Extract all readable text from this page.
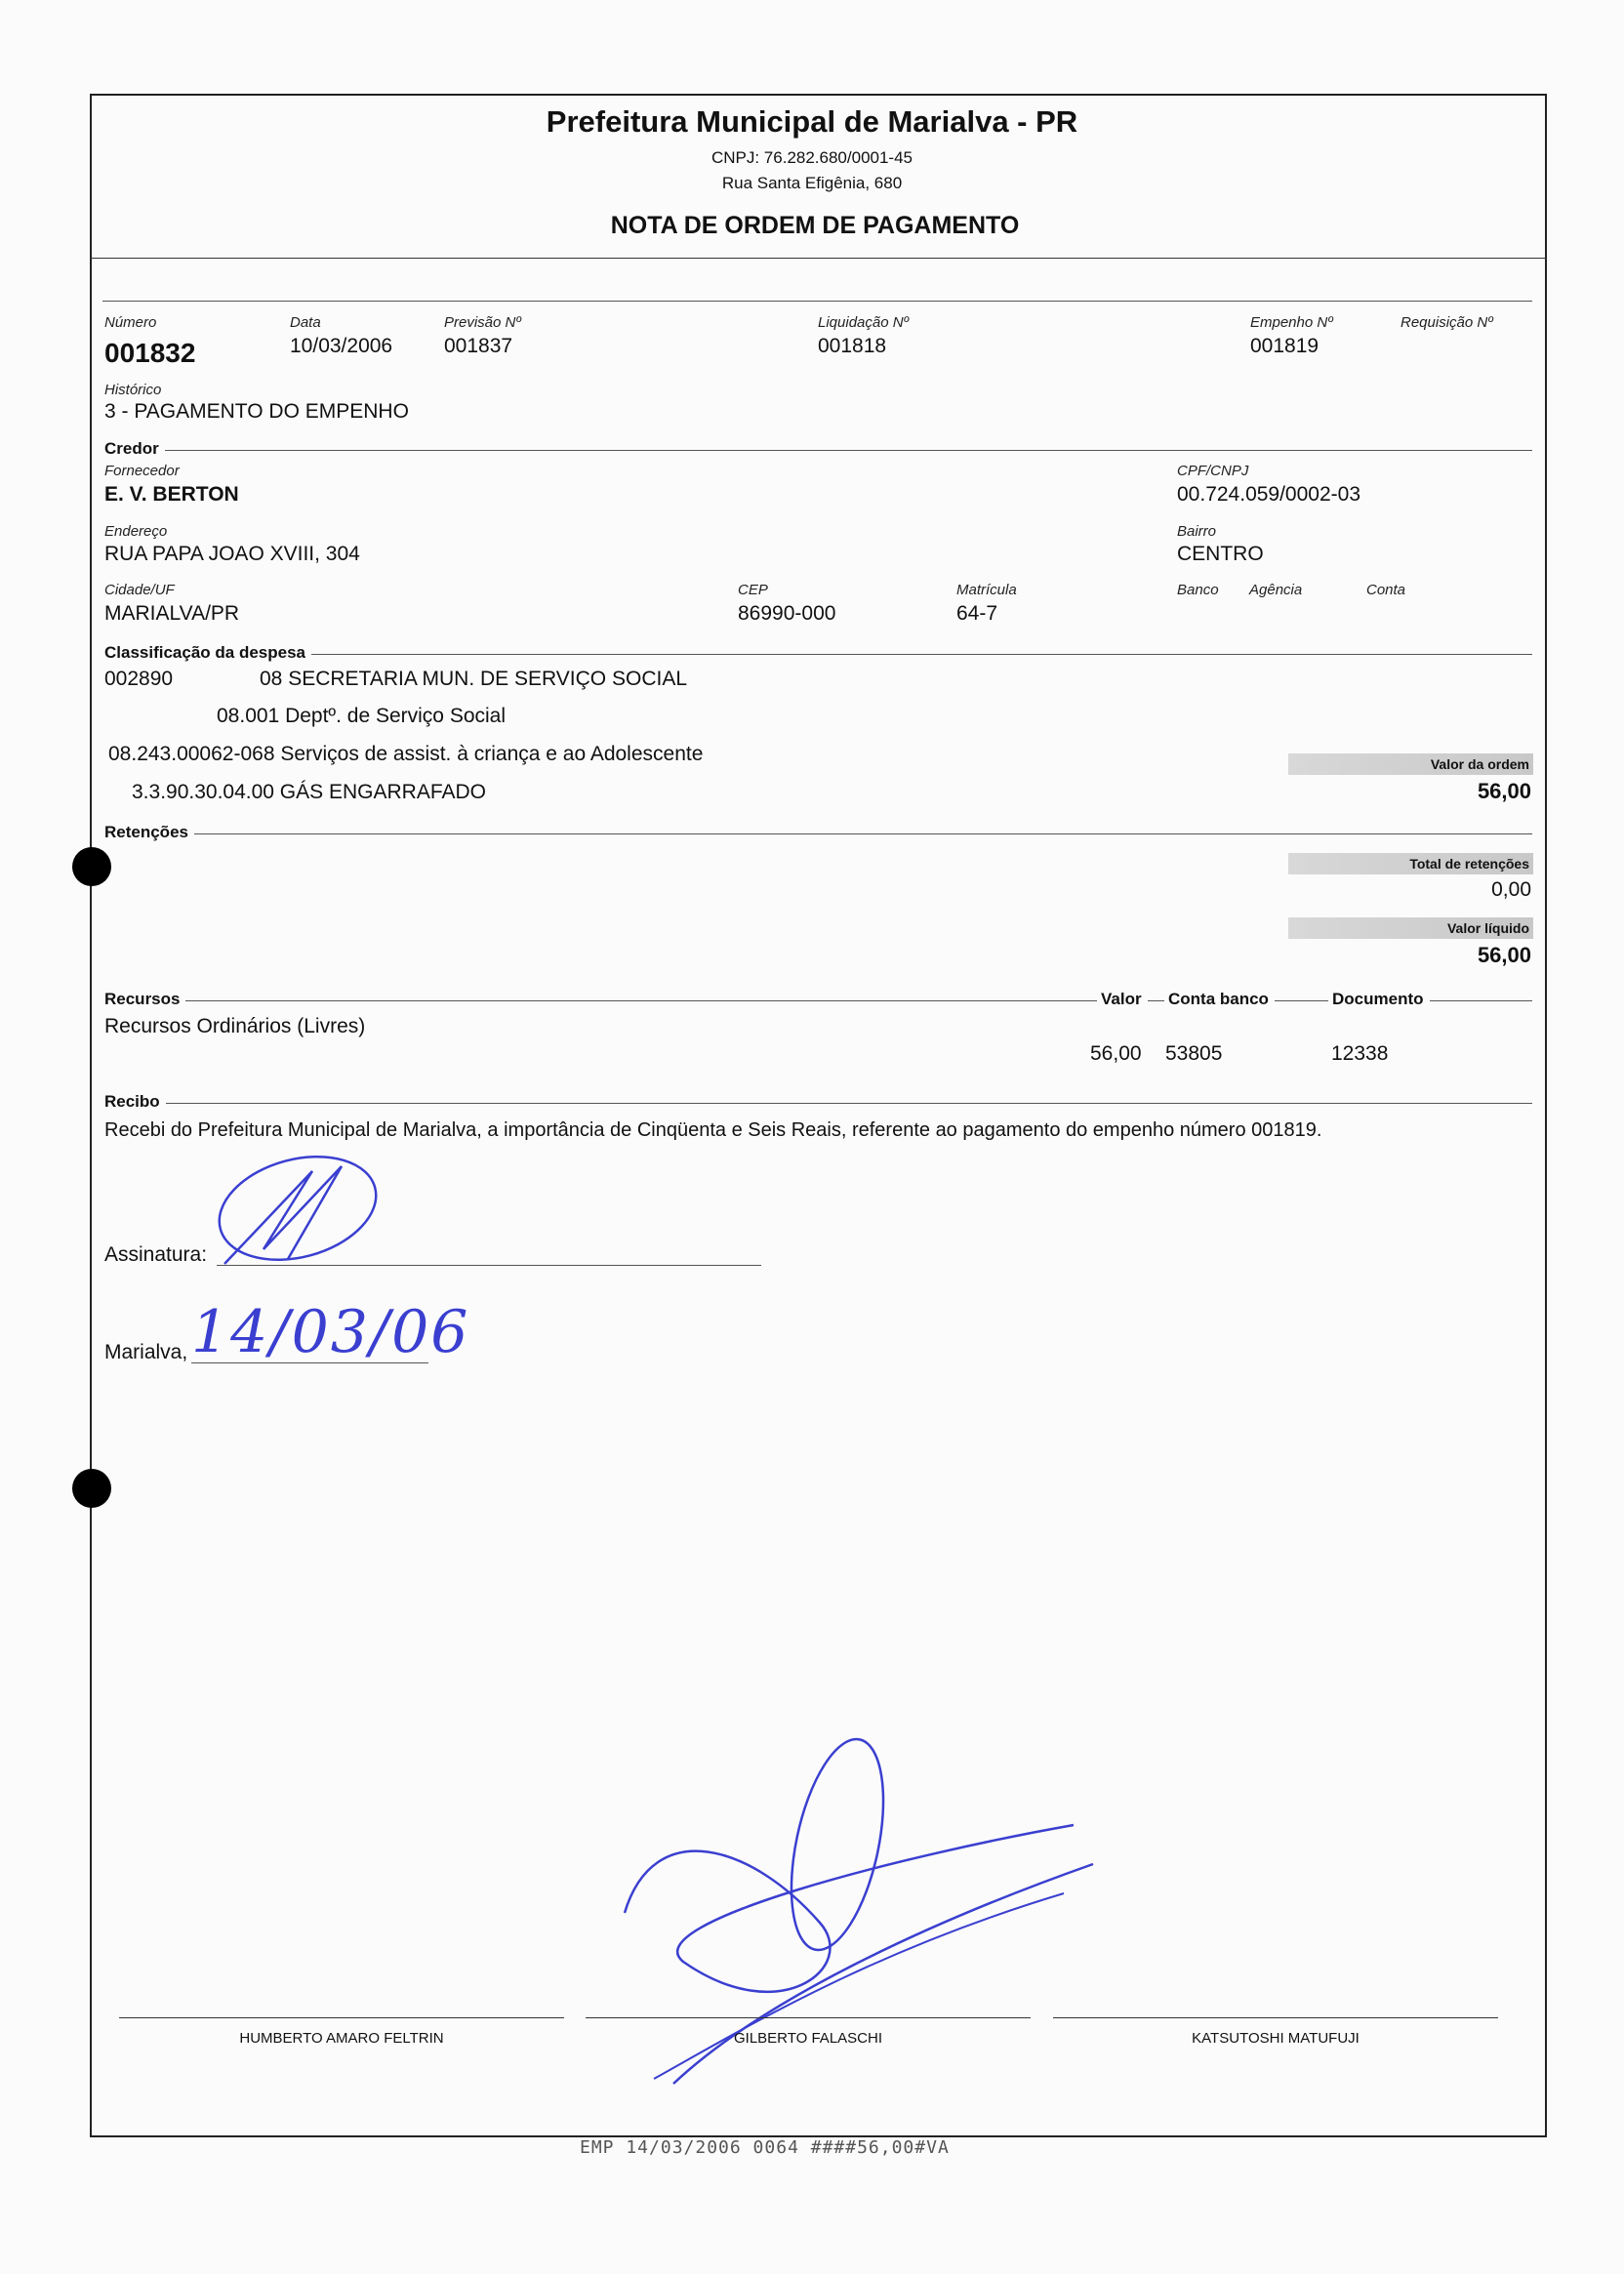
Prefeitura Municipal de Marialva - PR
CNPJ: 76.282.680/0001-45
Rua Santa Efigênia, 680
NOTA DE ORDEM DE PAGAMENTO
Número
001832
Data
10/03/2006
Previsão Nº
001837
Liquidação Nº
001818
Empenho Nº
001819
Requisição Nº
Histórico
3 - PAGAMENTO DO EMPENHO
Credor
Fornecedor
E. V. BERTON
CPF/CNPJ
00.724.059/0002-03
Endereço
RUA PAPA JOAO XVIII, 304
Bairro
CENTRO
Cidade/UF
MARIALVA/PR
CEP
86990-000
Matrícula
64-7
Banco Agência	Conta
Classificação da despesa
002890	08 SECRETARIA MUN. DE SERVIÇO SOCIAL
08.001 Deptº. de Serviço Social
08.243.00062-068 Serviços de assist. à criança e ao Adolescente
3.3.90.30.04.00 GÁS ENGARRAFADO
Valor da ordem
56,00
Retenções
Total de retenções
0,00
Valor líquido
56,00
Recursos	Valor	Conta banco	Documento
Recursos Ordinários (Livres)
56,00 53805	12338
Recibo
Recebi do Prefeitura Municipal de Marialva, a importância de Cinqüenta e Seis Reais, referente ao pagamento do empenho número 001819.
Assinatura:
Marialva, 14/03/06
HUMBERTO AMARO FELTRIN	GILBERTO FALASCHI	KATSUTOSHI MATUFUJI
EMP 14/03/2006 0064 ####56,00#VA
